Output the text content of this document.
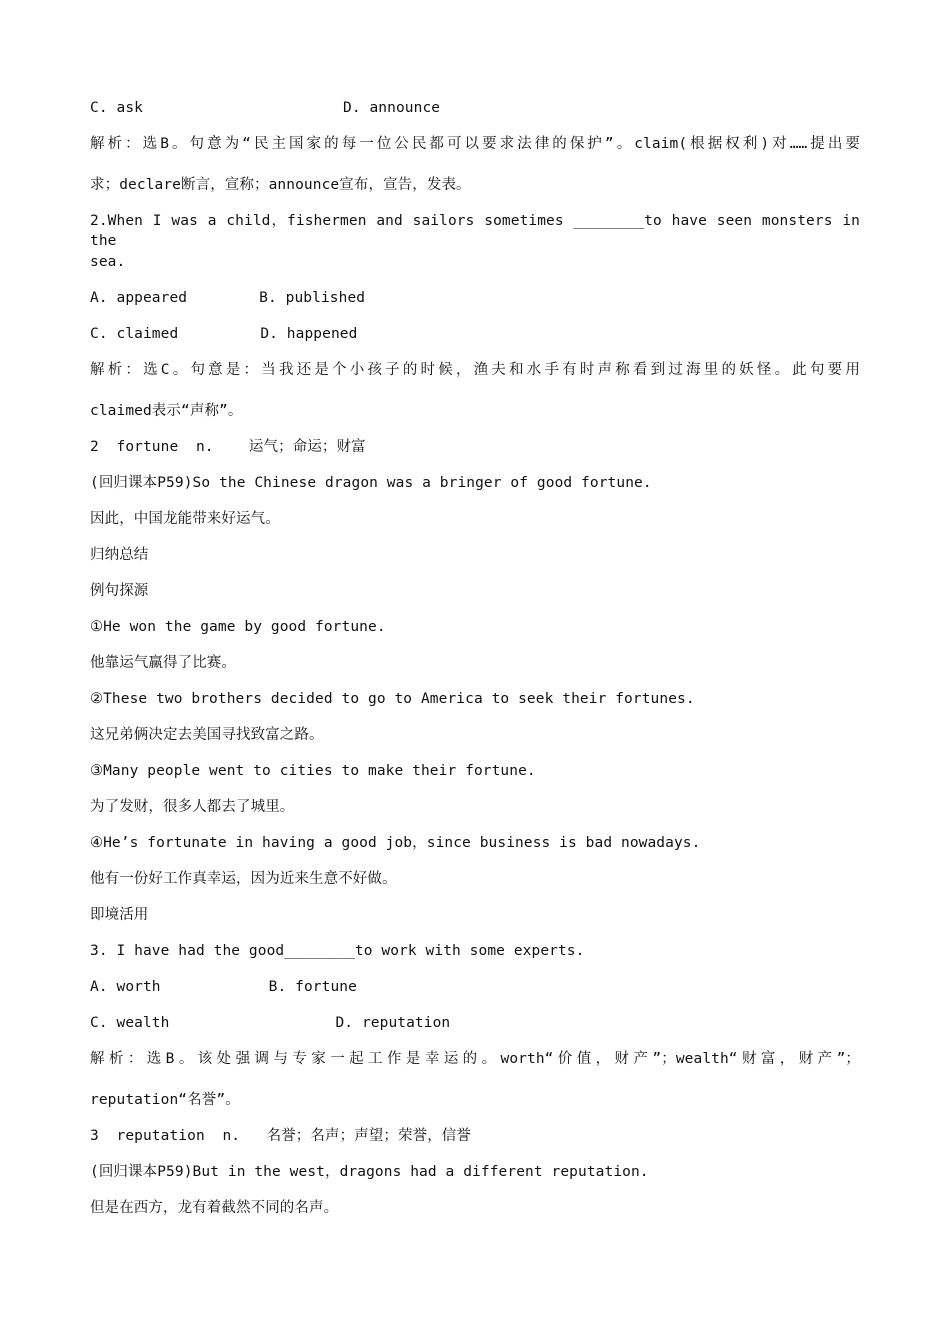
C. ask	D. announce
解析：选B。句意为“民主国家的每一位公民都可以要求法律的保护”。claim(根据权利)对……提出要
求；declare断言，宣称；announce宣布，宣告，发表。
2.When I was a child，fishermen and sailors sometimes ________to have seen monsters in the
sea.
A. appeared	B. published
C. claimed	D. happened
解析：选C。句意是：当我还是个小孩子的时候，渔夫和水手有时声称看到过海里的妖怪。此句要用
claimed表示“声称”。
2  fortune  n.    运气；命运；财富
(回归课本P59)So the Chinese dragon was a bringer of good fortune.
因此，中国龙能带来好运气。
归纳总结
例句探源
①He won the game by good fortune.
他靠运气赢得了比赛。
②These two brothers decided to go to America to seek their fortunes.
这兄弟俩决定去美国寻找致富之路。
③Many people went to cities to make their fortune.
为了发财，很多人都去了城里。
④He’s fortunate in having a good job，since business is bad nowadays.
他有一份好工作真幸运，因为近来生意不好做。
即境活用
3. I have had the good________to work with some experts.
A. worth	B. fortune
C. wealth	D. reputation
解析：选B。该处强调与专家一起工作是幸运的。worth“价值，财产”；wealth“财富，财产”；
reputation“名誉”。
3  reputation  n.   名誉；名声；声望；荣誉，信誉
(回归课本P59)But in the west，dragons had a different reputation.
但是在西方，龙有着截然不同的名声。
